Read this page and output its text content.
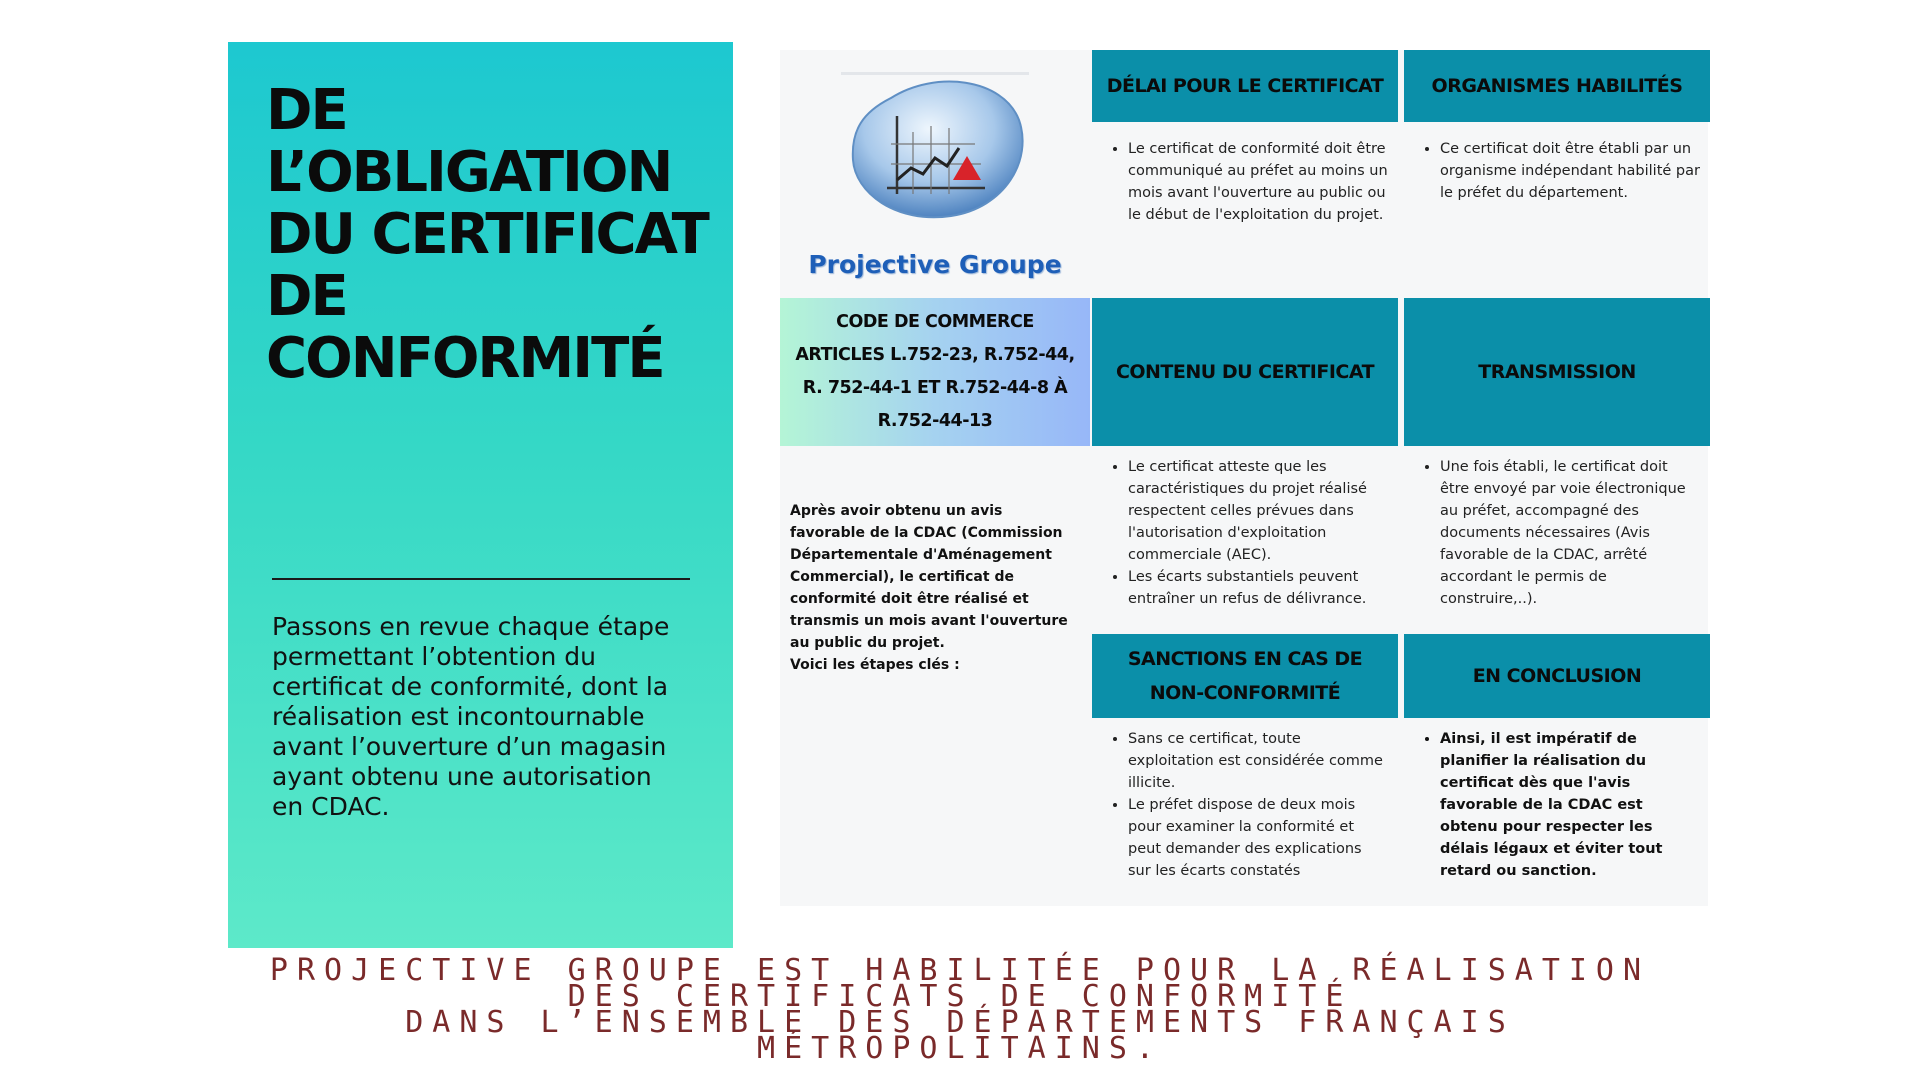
DE L’OBLIGATION DU CERTIFICAT DE CONFORMITÉ

Passons en revue chaque étape permettant l’obtention du certificat de conformité, dont la réalisation est incontournable avant l’ouverture d’un magasin ayant obtenu une autorisation en CDAC.

Projective Groupe
DÉLAI POUR LE CERTIFICAT	ORGANISMES HABILITÉS
• Le certificat de conformité doit être communiqué au préfet au moins un mois avant l'ouverture au public ou le début de l'exploitation du projet.
• Ce certificat doit être établi par un organisme indépendant habilité par le préfet du département.
CODE DE COMMERCE
ARTICLES L.752-23, R.752-44,
R. 752-44-1 ET R.752-44-8 À
R.752-44-13
CONTENU DU CERTIFICAT	TRANSMISSION
Après avoir obtenu un avis favorable de la CDAC (Commission Départementale d'Aménagement Commercial), le certificat de conformité doit être réalisé et transmis un mois avant l'ouverture au public du projet.
Voici les étapes clés :
• Le certificat atteste que les caractéristiques du projet réalisé respectent celles prévues dans l'autorisation d'exploitation commerciale (AEC).
• Les écarts substantiels peuvent entraîner un refus de délivrance.
• Une fois établi, le certificat doit être envoyé par voie électronique au préfet, accompagné des documents nécessaires (Avis favorable de la CDAC, arrêté accordant le permis de construire,..).
SANCTIONS EN CAS DE NON-CONFORMITÉ
EN CONCLUSION
• Sans ce certificat, toute exploitation est considérée comme illicite.
• Le préfet dispose de deux mois pour examiner la conformité et peut demander des explications sur les écarts constatés
• Ainsi, il est impératif de planifier la réalisation du certificat dès que l'avis favorable de la CDAC est obtenu pour respecter les délais légaux et éviter tout retard ou sanction.
PROJECTIVE GROUPE EST HABILITÉE POUR LA RÉALISATION DES CERTIFICATS DE CONFORMITÉ
DANS L’ENSEMBLE DES DÉPARTEMENTS FRANÇAIS MÉTROPOLITAINS.
